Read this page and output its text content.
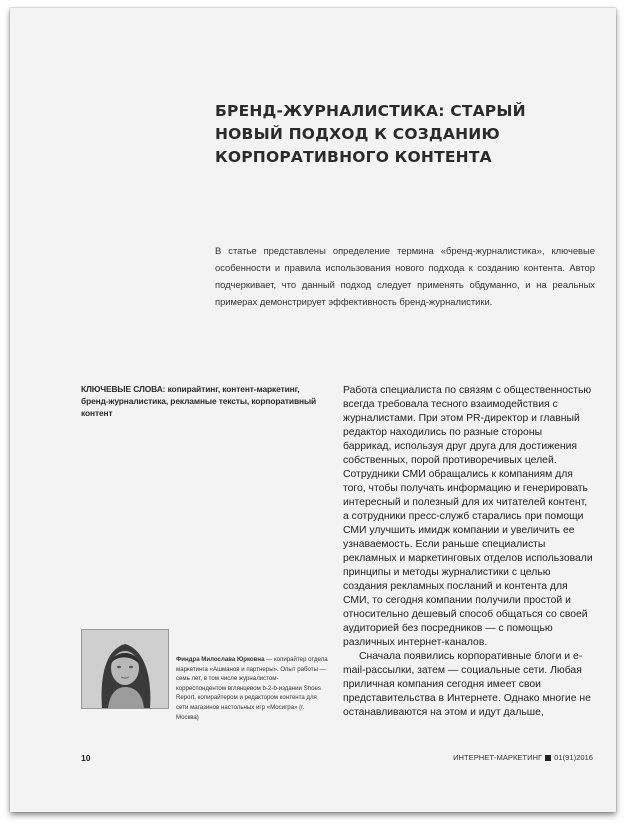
БРЕНД-ЖУРНАЛИСТИКА: СТАРЫЙ НОВЫЙ ПОДХОД К СОЗДАНИЮ КОРПОРАТИВНОГО КОНТЕНТА

В статье представлены определение термина «бренд-журналистика», ключевые особенности и правила использования нового подхода к созданию контента. Автор подчеркивает, что данный подход следует применять обдуманно, и на реальных примерах демонстрирует эффективность бренд-журналистики.

КЛЮЧЕВЫЕ СЛОВА: копирайтинг, контент-маркетинг, бренд-журналистика, рекламные тексты, корпоративный контент

Работа специалиста по связям с общественностью всегда требовала тесного взаимодействия с журналистами. При этом PR-директор и главный редактор находились по разные стороны баррикад, используя друг друга для достижения собственных, порой противоречивых целей. Сотрудники СМИ обращались к компаниям для того, чтобы получать информацию и генерировать интересный и полезный для их читателей контент, а сотрудники пресс-служб старались при помощи СМИ улучшить имидж компании и увеличить ее узнаваемость. Если раньше специалисты рекламных и маркетинговых отделов использовали принципы и методы журналистики с целью создания рекламных посланий и контента для СМИ, то сегодня компании получили простой и относительно дешевый способ общаться со своей аудиторией без посредников — с помощью различных интернет-каналов.

Сначала появились корпоративные блоги и e-mail-рассылки, затем — социальные сети. Любая приличная компания сегодня имеет свои представительства в Интернете. Однако многие не останавливаются на этом и идут дальше,

Финдра Милослава Юрковна — копирайтер отдела маркетинга «Ашманов и партнеры». Опыт работы — семь лет, в том числе журналистом-корреспондентом вглянцевом b-2-b-издании Shoes Report, копирайтером и редактором контента для сети магазинов настольных игр «Мосигра» (г. Москва)

10	ИНТЕРНЕТ-МАРКЕТИНГ 01(91)2016
